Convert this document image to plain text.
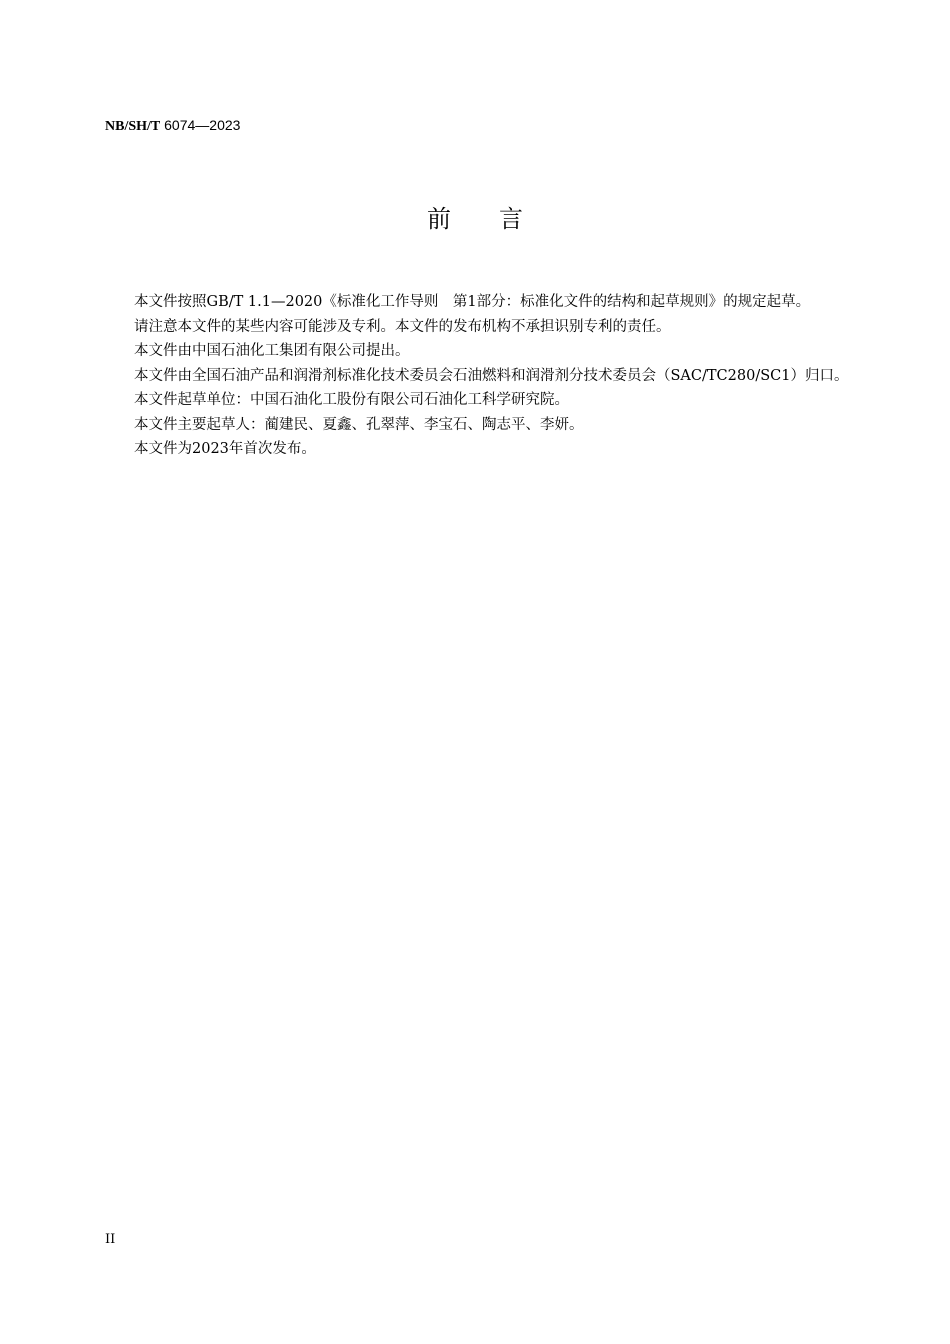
NB/SH/T 6074—2023
前言

本文件按照GB/T 1.1—2020《标准化工作导则　第1部分：标准化文件的结构和起草规则》的规定起草。

请注意本文件的某些内容可能涉及专利。本文件的发布机构不承担识别专利的责任。

本文件由中国石油化工集团有限公司提出。

本文件由全国石油产品和润滑剂标准化技术委员会石油燃料和润滑剂分技术委员会（SAC/TC280/SC1）归口。

本文件起草单位：中国石油化工股份有限公司石油化工科学研究院。

本文件主要起草人：蔺建民、夏鑫、孔翠萍、李宝石、陶志平、李妍。

本文件为2023年首次发布。

II
